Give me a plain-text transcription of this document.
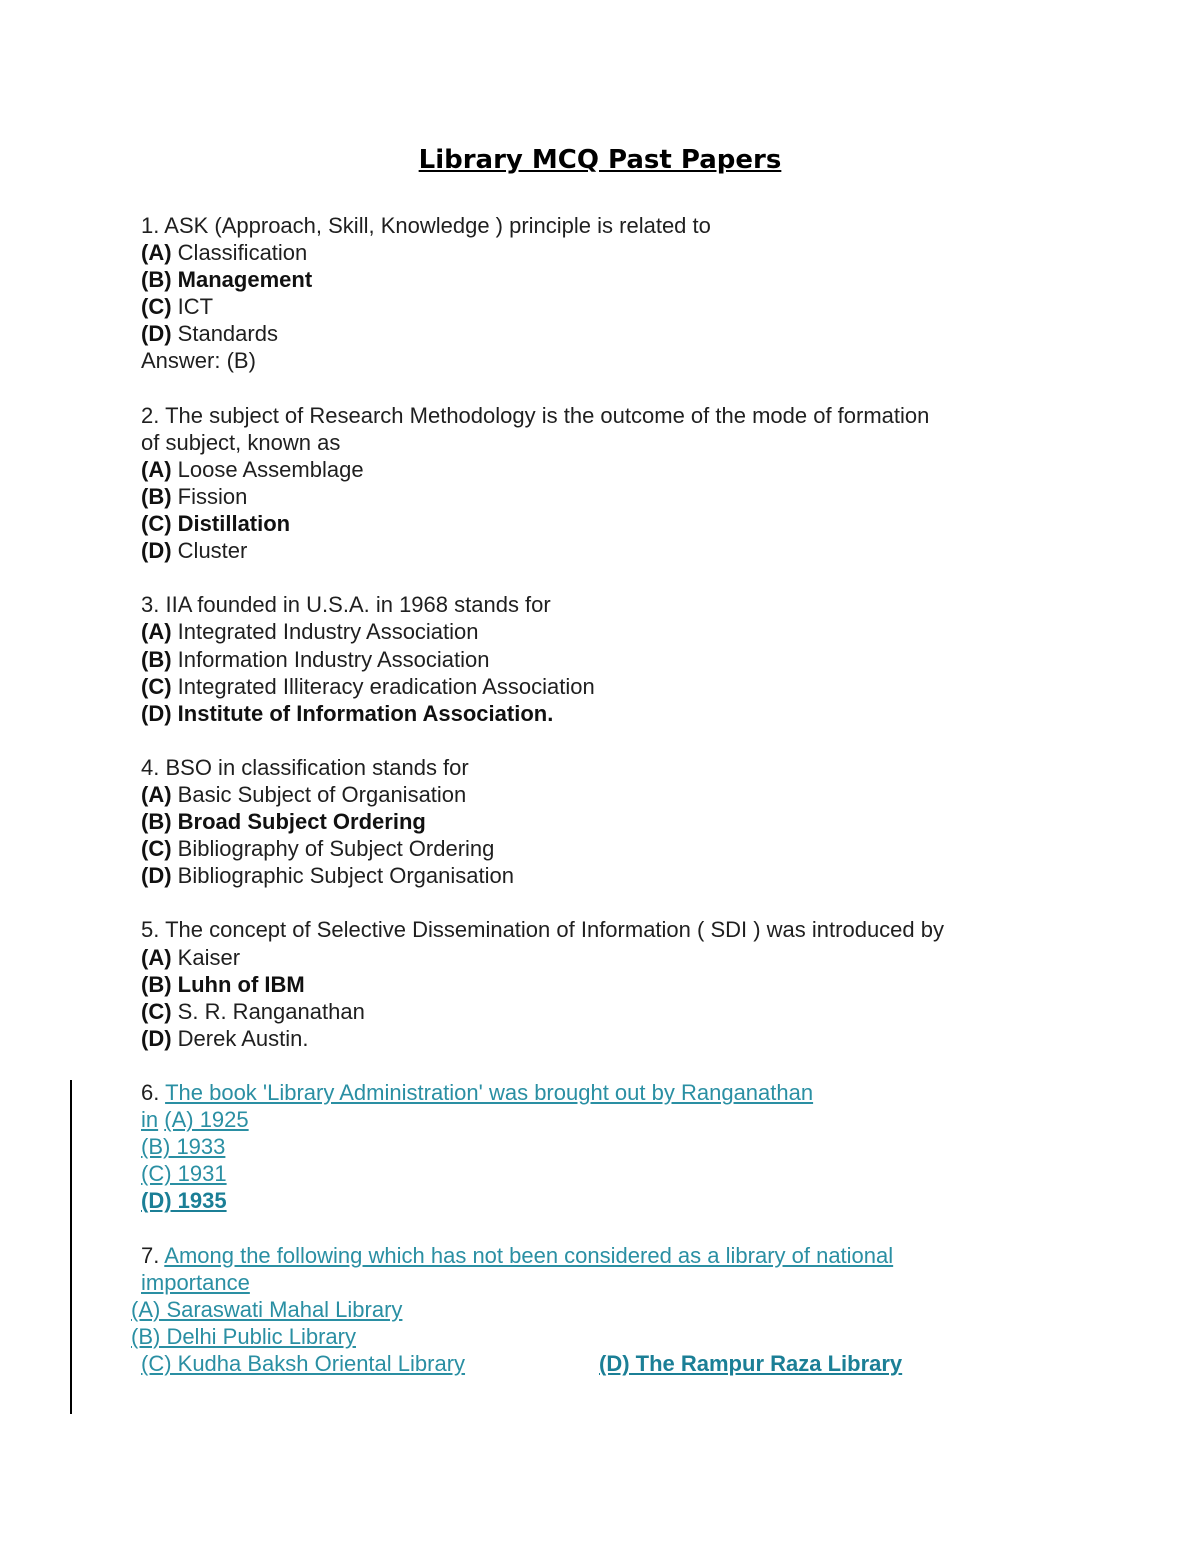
Library MCQ Past Papers
1. ASK (Approach, Skill, Knowledge ) principle is related to
(A) Classification
(B) Management
(C) ICT
(D) Standards
Answer: (B)
2. The subject of Research Methodology is the outcome of the mode of formation
of subject, known as
(A) Loose Assemblage
(B) Fission
(C) Distillation
(D) Cluster
3. IIA founded in U.S.A. in 1968 stands for
(A) Integrated Industry Association
(B) Information Industry Association
(C) Integrated Illiteracy eradication Association
(D) Institute of Information Association.
4. BSO in classification stands for
(A) Basic Subject of Organisation
(B) Broad Subject Ordering
(C) Bibliography of Subject Ordering
(D) Bibliographic Subject Organisation
5. The concept of Selective Dissemination of Information ( SDI ) was introduced by
(A) Kaiser
(B) Luhn of IBM
(C) S. R. Ranganathan
(D) Derek Austin.
6. The book 'Library Administration' was brought out by Ranganathan
in (A) 1925
(B) 1933
(C) 1931
(D) 1935
7. Among the following which has not been considered as a library of national
importance
(A) Saraswati Mahal Library
(B) Delhi Public Library
(C) Kudha Baksh Oriental Library	(D) The Rampur Raza Library
